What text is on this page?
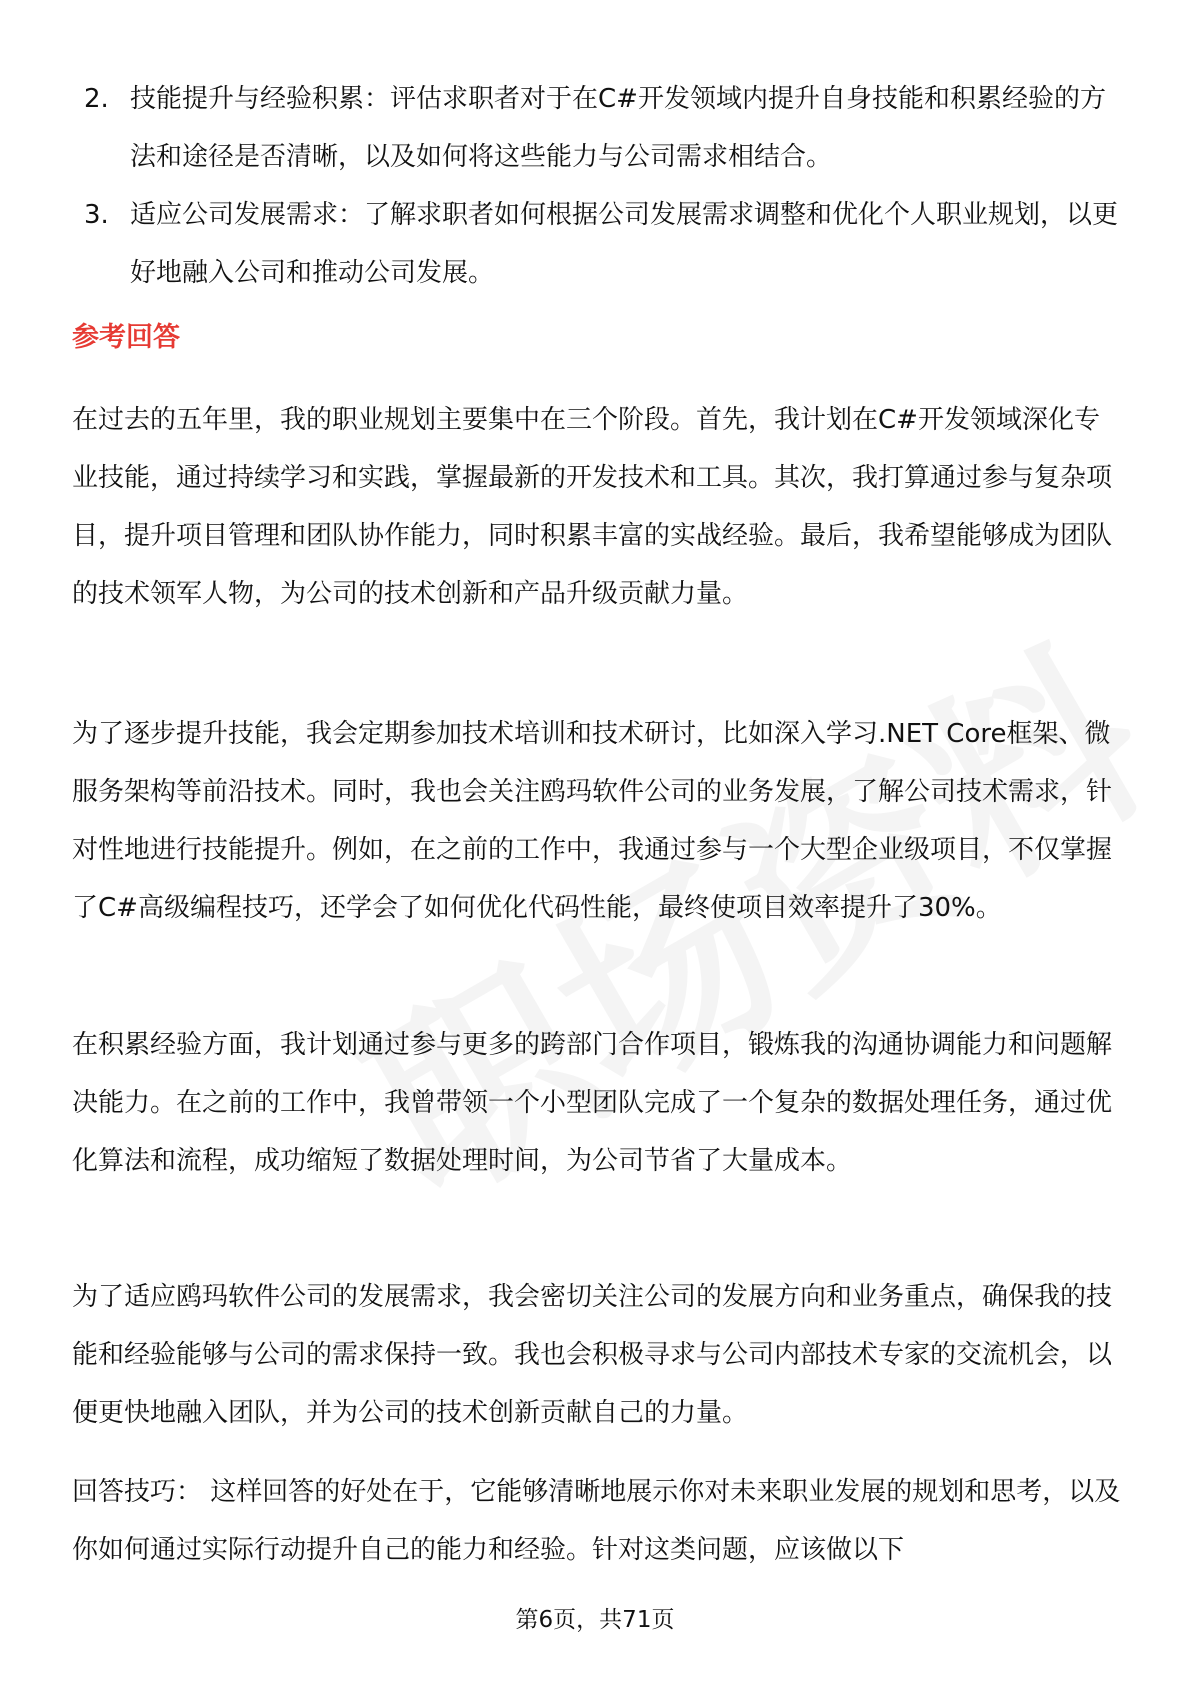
2. 技能提升与经验积累：评估求职者对于在C#开发领域内提升自身技能和积累经验的方法和途径是否清晰，以及如何将这些能力与公司需求相结合。
3. 适应公司发展需求：了解求职者如何根据公司发展需求调整和优化个人职业规划，以更好地融入公司和推动公司发展。
参考回答

在过去的五年里，我的职业规划主要集中在三个阶段。首先，我计划在C#开发领域深化专业技能，通过持续学习和实践，掌握最新的开发技术和工具。其次，我打算通过参与复杂项目，提升项目管理和团队协作能力，同时积累丰富的实战经验。最后，我希望能够成为团队的技术领军人物，为公司的技术创新和产品升级贡献力量。

为了逐步提升技能，我会定期参加技术培训和技术研讨，比如深入学习.NET Core框架、微服务架构等前沿技术。同时，我也会关注鸥玛软件公司的业务发展，了解公司技术需求，针对性地进行技能提升。例如，在之前的工作中，我通过参与一个大型企业级项目，不仅掌握了C#高级编程技巧，还学会了如何优化代码性能，最终使项目效率提升了30%。

在积累经验方面，我计划通过参与更多的跨部门合作项目，锻炼我的沟通协调能力和问题解决能力。在之前的工作中，我曾带领一个小型团队完成了一个复杂的数据处理任务，通过优化算法和流程，成功缩短了数据处理时间，为公司节省了大量成本。

为了适应鸥玛软件公司的发展需求，我会密切关注公司的发展方向和业务重点，确保我的技能和经验能够与公司的需求保持一致。我也会积极寻求与公司内部技术专家的交流机会，以便更快地融入团队，并为公司的技术创新贡献自己的力量。

回答技巧： 这样回答的好处在于，它能够清晰地展示你对未来职业发展的规划和思考，以及你如何通过实际行动提升自己的能力和经验。针对这类问题，应该做以下

第6页，共71页
